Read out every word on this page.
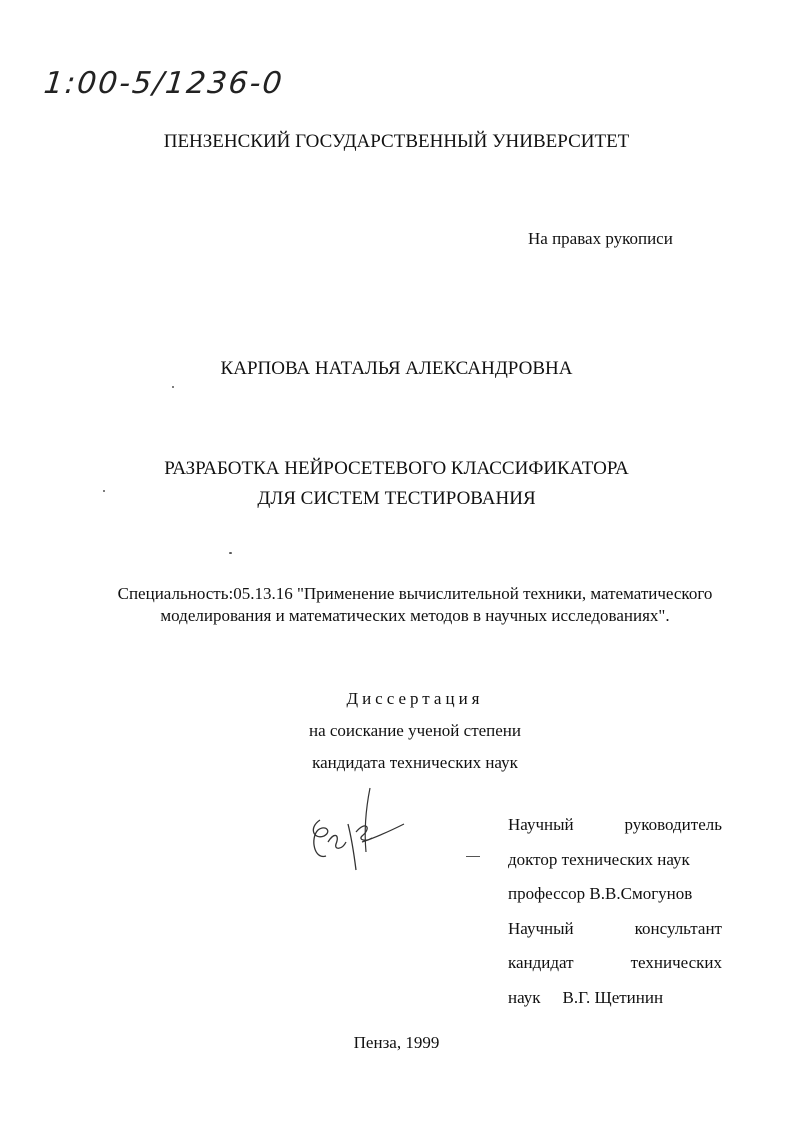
1:00-5/1236-0
ПЕНЗЕНСКИЙ ГОСУДАРСТВЕННЫЙ УНИВЕРСИТЕТ
На правах рукописи
КАРПОВА НАТАЛЬЯ АЛЕКСАНДРОВНА
РАЗРАБОТКА НЕЙРОСЕТЕВОГО КЛАССИФИКАТОРА
ДЛЯ СИСТЕМ ТЕСТИРОВАНИЯ
Специальность:05.13.16 "Применение вычислительной техники, математического моделирования и математических методов в научных исследованиях".
Диссертация
на соискание ученой степени
кандидата технических наук
Научный	руководитель
доктор технических наук
профессор В.В.Смогунов
Научный	консультант
кандидат	технических
наук В.Г. Щетинин
Пенза, 1999
